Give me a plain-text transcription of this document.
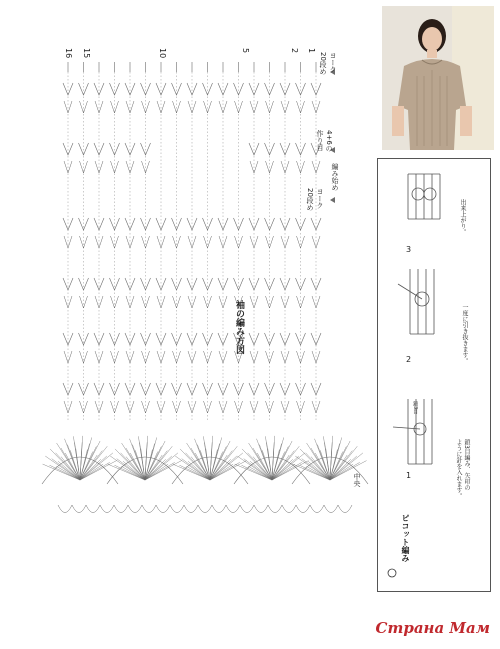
袖の編み方図
16 15	10	5	2 1
ヨーク
20段め
4+6の
作り目
編み始め
ヨーク
20段め
中央
ピコット編み
3
2
1
出来上がり。
一度に引き抜きます。
鎖3目編み、矢印の
ように針を入れます。
鎖3目
Страна Мам
